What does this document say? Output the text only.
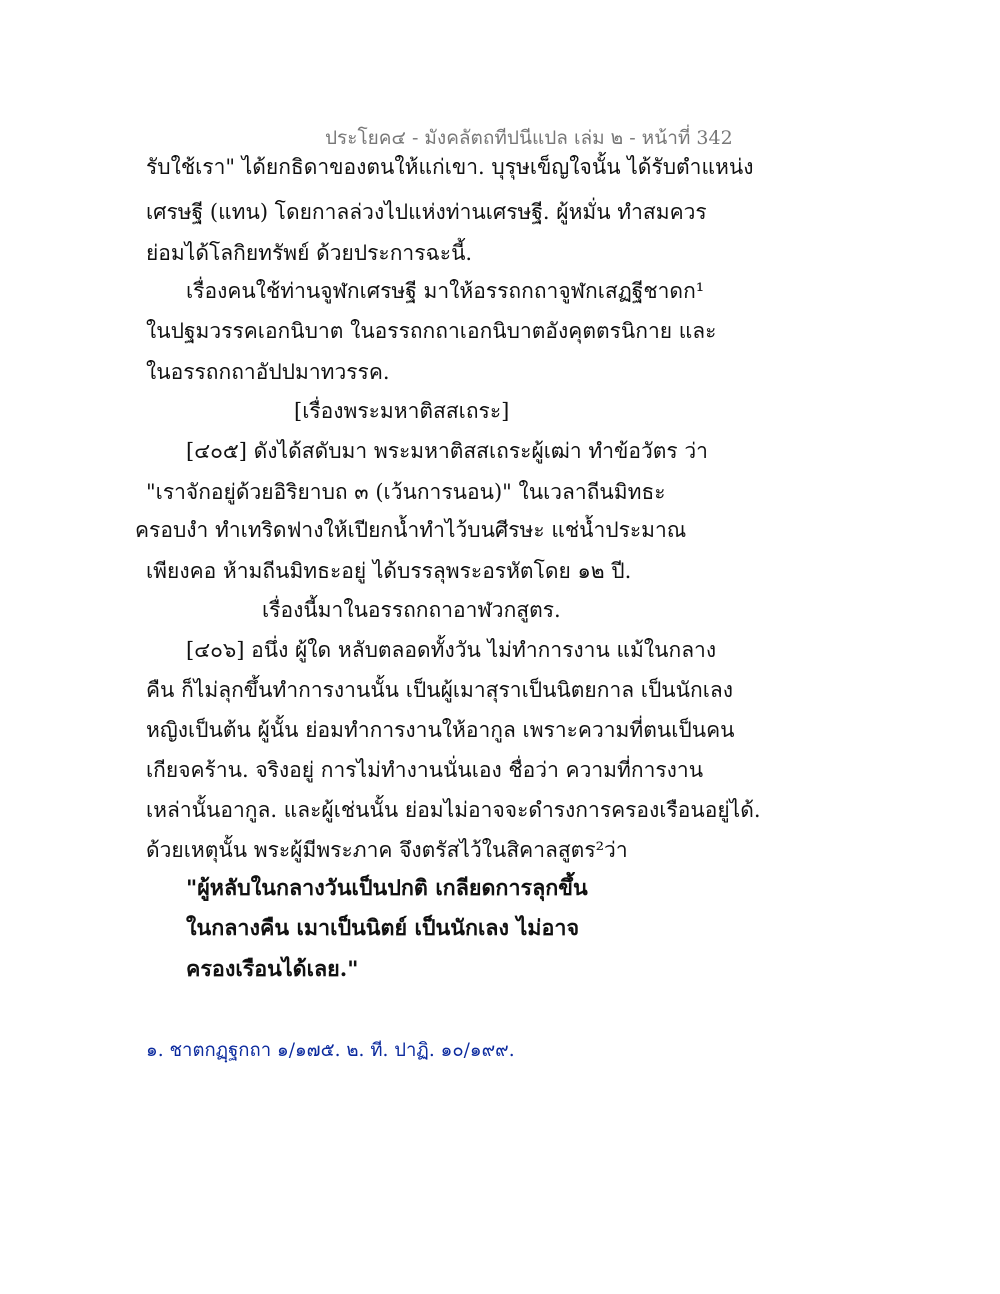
ประโยค๔ - มังคลัตถทีปนีแปล เล่ม ๒ - หน้าที่ 342
รับใช้เรา" ได้ยกธิดาของตนให้แก่เขา. บุรุษเข็ญใจนั้น ได้รับตำแหน่ง
เศรษฐี (แทน) โดยกาลล่วงไปแห่งท่านเศรษฐี. ผู้หมั่น ทำสมควร
ย่อมได้โลกิยทรัพย์ ด้วยประการฉะนี้.
เรื่องคนใช้ท่านจูฬกเศรษฐี มาให้อรรถกถาจูฬกเสฏฐีชาดก¹
ในปฐมวรรคเอกนิบาต ในอรรถกถาเอกนิบาตอังคุตตรนิกาย และ
ในอรรถกถาอัปปมาทวรรค.
[เรื่องพระมหาติสสเถระ]
[๔๐๕] ดังได้สดับมา พระมหาติสสเถระผู้เฒ่า ทำข้อวัตร ว่า
"เราจักอยู่ด้วยอิริยาบถ ๓ (เว้นการนอน)" ในเวลาถีนมิทธะ
ครอบงำ ทำเทริดฟางให้เปียกน้ำทำไว้บนศีรษะ แช่น้ำประมาณ
เพียงคอ ห้ามถีนมิทธะอยู่ ได้บรรลุพระอรหัตโดย ๑๒ ปี.
เรื่องนี้มาในอรรถกถาอาฬวกสูตร.
[๔๐๖] อนึ่ง ผู้ใด หลับตลอดทั้งวัน ไม่ทำการงาน แม้ในกลาง
คืน ก็ไม่ลุกขึ้นทำการงานนั้น เป็นผู้เมาสุราเป็นนิตยกาล เป็นนักเลง
หญิงเป็นต้น ผู้นั้น ย่อมทำการงานให้อากูล เพราะความที่ตนเป็นคน
เกียจคร้าน. จริงอยู่ การไม่ทำงานนั่นเอง ชื่อว่า ความที่การงาน
เหล่านั้นอากูล. และผู้เช่นนั้น ย่อมไม่อาจจะดำรงการครองเรือนอยู่ได้.
ด้วยเหตุนั้น พระผู้มีพระภาค จึงตรัสไว้ในสิคาลสูตร²ว่า
"ผู้หลับในกลางวันเป็นปกติ เกลียดการลุกขึ้น
ในกลางคืน เมาเป็นนิตย์ เป็นนักเลง ไม่อาจ
ครองเรือนได้เลย."
๑. ชาตกฏฺฐกถา ๑/๑๗๕. ๒. ที. ปาฏิ. ๑๐/๑๙๙.
